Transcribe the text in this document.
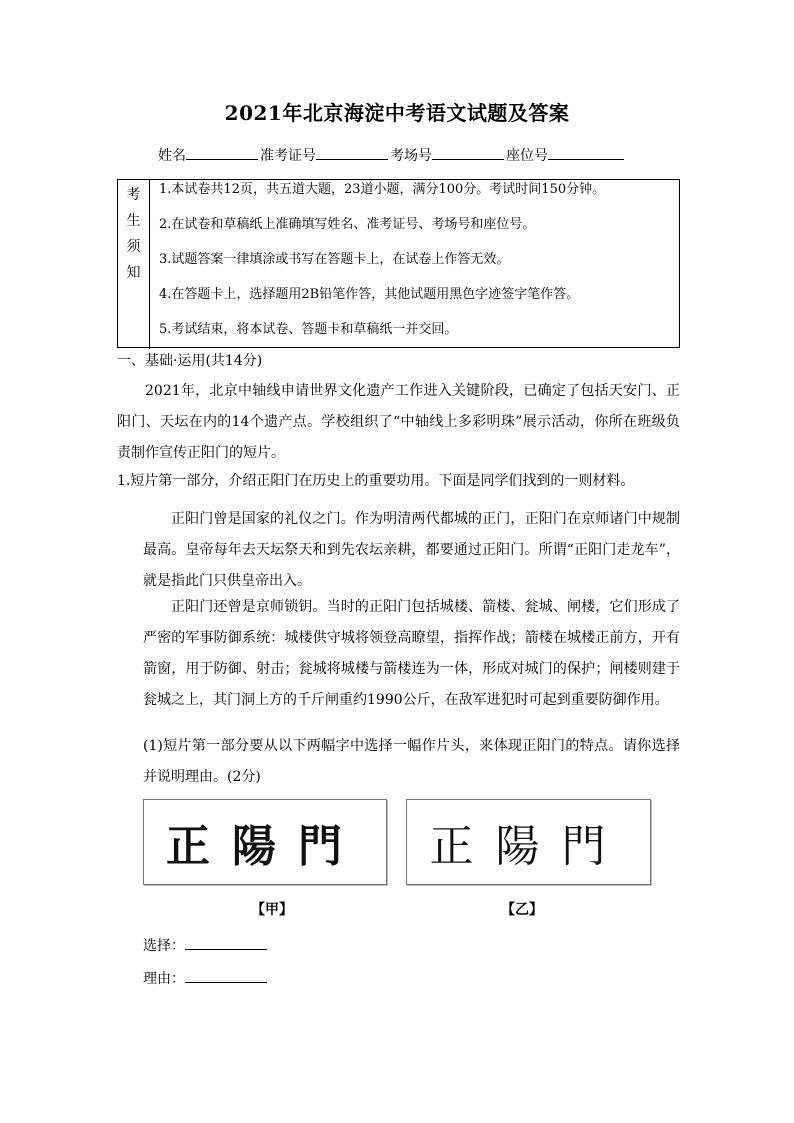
2021年北京海淀中考语文试题及答案
姓名	准考证号	考场号	座位号
考
生
须
知
1.本试卷共12页，共五道大题，23道小题，满分100分。考试时间150分钟。
2.在试卷和草稿纸上准确填写姓名、准考证号、考场号和座位号。
3.试题答案一律填涂或书写在答题卡上，在试卷上作答无效。
4.在答题卡上，选择题用2B铅笔作答，其他试题用黑色字迹签字笔作答。
5.考试结束，将本试卷、答题卡和草稿纸一并交回。
一、基础·运用(共14分)
2021年，北京中轴线申请世界文化遗产工作进入关键阶段，已确定了包括天安门、正阳门、天坛在内的14个遗产点。学校组织了“中轴线上多彩明珠”展示活动，你所在班级负责制作宣传正阳门的短片。
1.短片第一部分，介绍正阳门在历史上的重要功用。下面是同学们找到的一则材料。
正阳门曾是国家的礼仪之门。作为明清两代都城的正门，正阳门在京师诸门中规制最高。皇帝每年去天坛祭天和到先农坛亲耕，都要通过正阳门。所谓“正阳门走龙车”，就是指此门只供皇帝出入。
正阳门还曾是京师锁钥。当时的正阳门包括城楼、箭楼、瓮城、闸楼，它们形成了严密的军事防御系统：城楼供守城将领登高瞭望，指挥作战；箭楼在城楼正前方，开有箭窗，用于防御、射击；瓮城将城楼与箭楼连为一体，形成对城门的保护；闸楼则建于瓮城之上，其门洞上方的千斤闸重约1990公斤，在敌军进犯时可起到重要防御作用。
(1)短片第一部分要从以下两幅字中选择一幅作片头，来体现正阳门的特点。请你选择并说明理由。(2分)
正陽門 正陽門
【甲】	【乙】
选择：
理由：
